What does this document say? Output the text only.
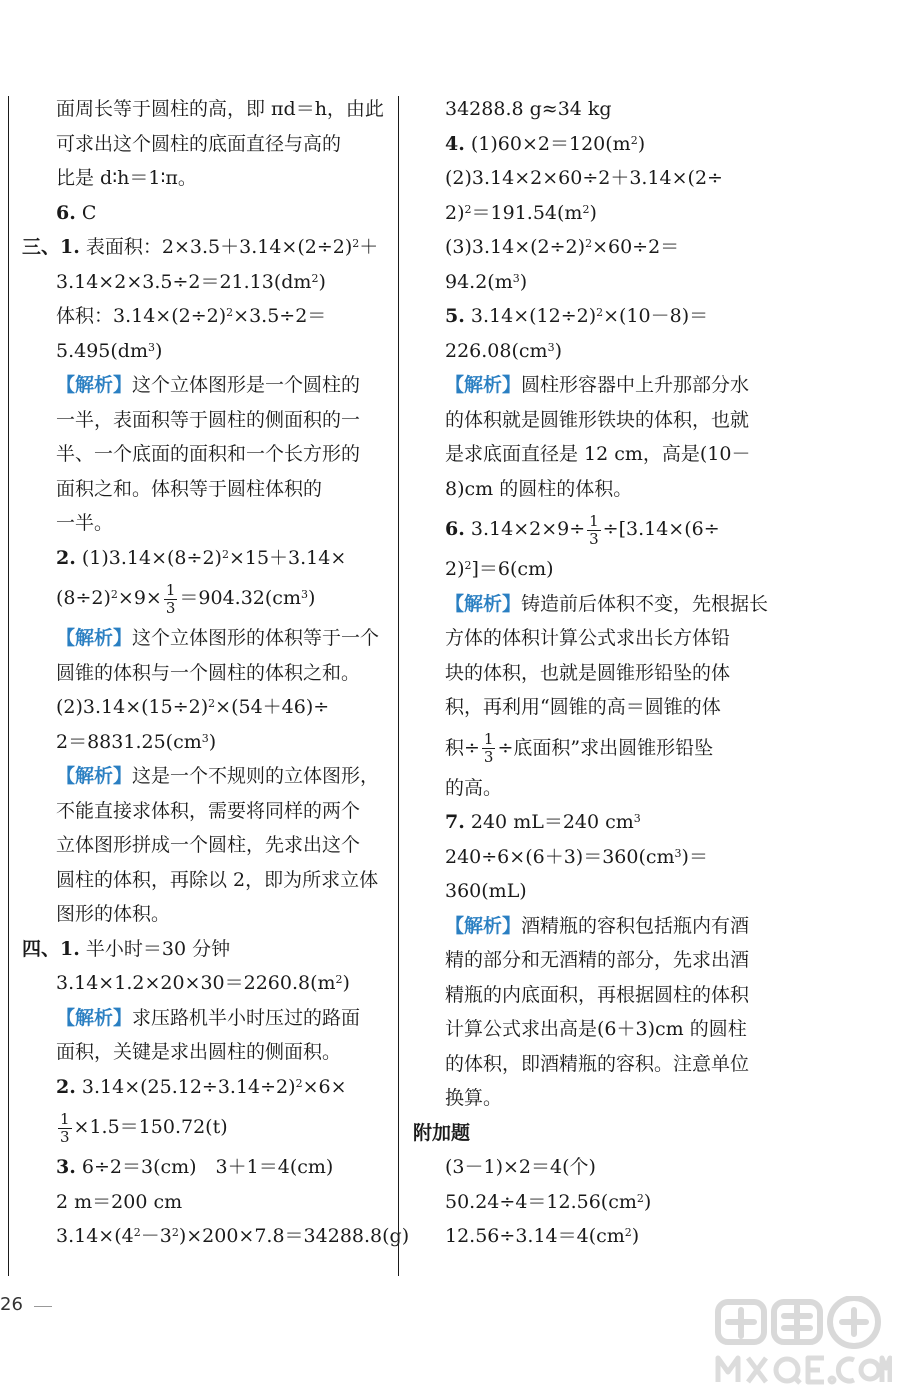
面周长等于圆柱的高，即 πd＝h，由此
可求出这个圆柱的底面直径与高的
比是 d∶h＝1∶π。
6. C
三、1. 表面积：$2\times 3.5+3.14\times(2\div 2)^2+$
$3.14\times 2\times 3.5\div 2=21.13(dm^2)$
体积：$3.14\times(2\div 2)^2\times 3.5\div 2=$
$5.495(dm^3)$
【解析】这个立体图形是一个圆柱的
一半，表面积等于圆柱的侧面积的一
半、一个底面的面积和一个长方形的
面积之和。体积等于圆柱体积的
一半。
2. $(1)3.14\times(8\div 2)^2\times 15+3.14\times$
$(8\div 2)^2\times 9\times \frac{1}{3} =904.32(cm^3)$
【解析】这个立体图形的体积等于一个
圆锥的体积与一个圆柱的体积之和。
$(2)3.14\times(15\div 2)^2\times(54+46)\div$
$2=8831.25(cm^3)$
【解析】这是一个不规则的立体图形，
不能直接求体积，需要将同样的两个
立体图形拼成一个圆柱，先求出这个
圆柱的体积，再除以 2，即为所求立体
图形的体积。
四、1. 半小时＝30 分钟
$3.14\times 1.2\times 20\times 30=2260.8(m^2)$
【解析】求压路机半小时压过的路面
面积，关键是求出圆柱的侧面积。
2. $3.14\times(25.12\div 3.14\div 2)^2\times 6\times$
$\frac{1}{3} \times 1.5=150.72(t)$
3. 6÷2＝3(cm)　3＋1＝4(cm)
2 m＝200 cm
$3.14\times(4^2-3^2)\times 200\times 7.8=34288.8(g)$
34288.8 g≈34 kg
4. $(1)60\times 2=120(m^2)$
(2)3.14×2×60÷2＋3.14×(2÷
$2)^2=191.54(m^2)$
$(3)3.14\times(2\div 2)^2\times 60\div 2=$
$94.2(m^3)$
5. $3.14\times(12\div 2)^2\times(10-8)=$
$226.08(cm^3)$
【解析】圆柱形容器中上升那部分水
的体积就是圆锥形铁块的体积，也就
是求底面直径是 12 cm，高是(10－
8)cm 的圆柱的体积。
6. $3.14\times 2\times 9\div \frac{1}{3} \div[3.14\times(6\div$
2)$^2$]＝6(cm)
【解析】铸造前后体积不变，先根据长
方体的体积计算公式求出长方体铅
块的体积，也就是圆锥形铅坠的体
积，再利用“圆锥的高＝圆锥的体
积÷ $\frac{1}{3}$ ÷底面积”求出圆锥形铅坠
的高。
7. 240 mL＝240 $cm^3$
$240\div 6\times(6+3)=360(cm^3)=$
360(mL)
【解析】酒精瓶的容积包括瓶内有酒
精的部分和无酒精的部分，先求出酒
精瓶的内底面积，再根据圆柱的体积
计算公式求出高是(6＋3)cm 的圆柱
的体积，即酒精瓶的容积。注意单位
换算。
附加题
(3－1)×2＝4(个)
$50.24\div 4=12.56(cm^2)$
$12.56\div 3.14=4(cm^2)$
26
